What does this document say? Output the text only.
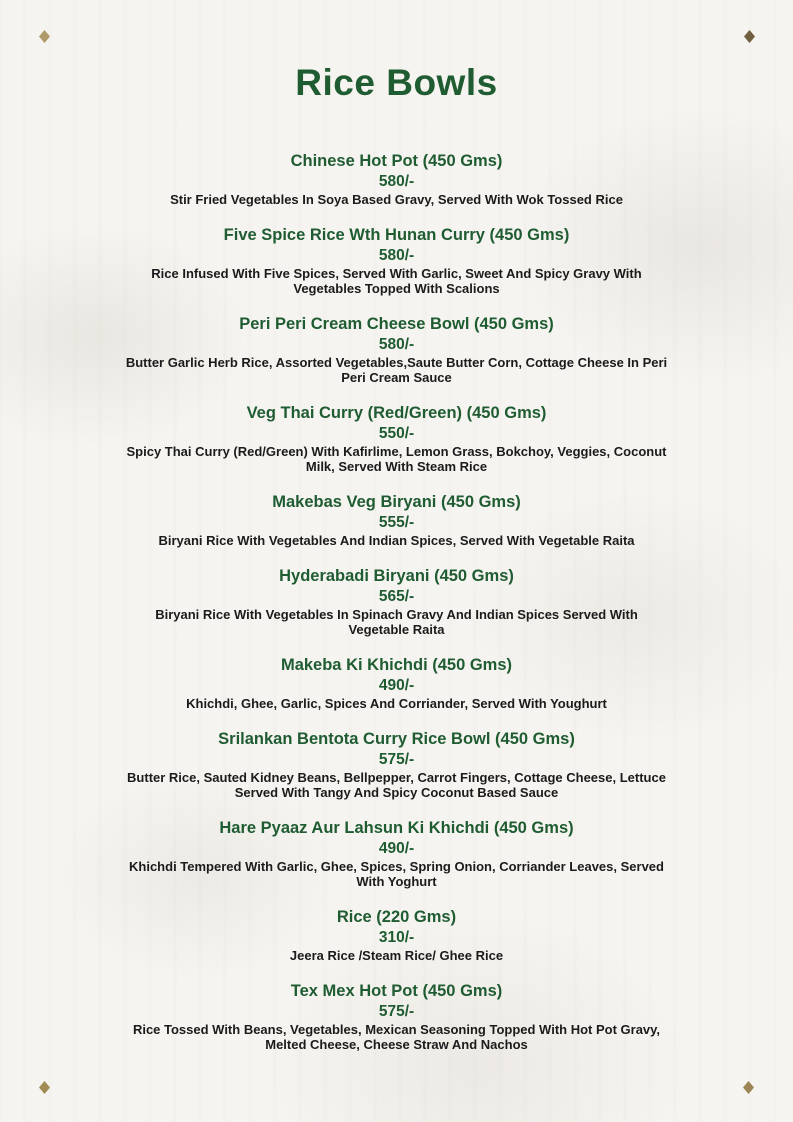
Rice Bowls
Chinese Hot Pot (450 Gms)
580/-
Stir Fried Vegetables In Soya Based Gravy, Served With Wok Tossed Rice
Five Spice Rice Wth Hunan Curry (450 Gms)
580/-
Rice Infused With Five Spices, Served With Garlic, Sweet And Spicy Gravy With Vegetables Topped With Scalions
Peri Peri Cream Cheese Bowl (450 Gms)
580/-
Butter Garlic Herb Rice, Assorted Vegetables,Saute Butter Corn, Cottage Cheese In Peri Peri Cream Sauce
Veg Thai Curry (Red/Green) (450 Gms)
550/-
Spicy Thai Curry (Red/Green) With Kafirlime, Lemon Grass, Bokchoy, Veggies, Coconut Milk, Served With Steam Rice
Makebas Veg Biryani (450 Gms)
555/-
Biryani Rice With Vegetables And Indian Spices, Served With Vegetable Raita
Hyderabadi Biryani (450 Gms)
565/-
Biryani Rice With Vegetables In Spinach Gravy And Indian Spices Served With Vegetable Raita
Makeba Ki Khichdi (450 Gms)
490/-
Khichdi, Ghee, Garlic, Spices And Corriander, Served With Youghurt
Srilankan Bentota Curry Rice Bowl (450 Gms)
575/-
Butter Rice, Sauted Kidney Beans, Bellpepper, Carrot Fingers, Cottage Cheese, Lettuce Served With Tangy And Spicy Coconut Based Sauce
Hare Pyaaz Aur Lahsun Ki Khichdi (450 Gms)
490/-
Khichdi Tempered With Garlic, Ghee, Spices, Spring Onion, Corriander Leaves, Served With Yoghurt
Rice (220 Gms)
310/-
Jeera Rice /Steam Rice/ Ghee Rice
Tex Mex Hot Pot (450 Gms)
575/-
Rice Tossed With Beans, Vegetables, Mexican Seasoning Topped With Hot Pot Gravy, Melted Cheese, Cheese Straw And Nachos
